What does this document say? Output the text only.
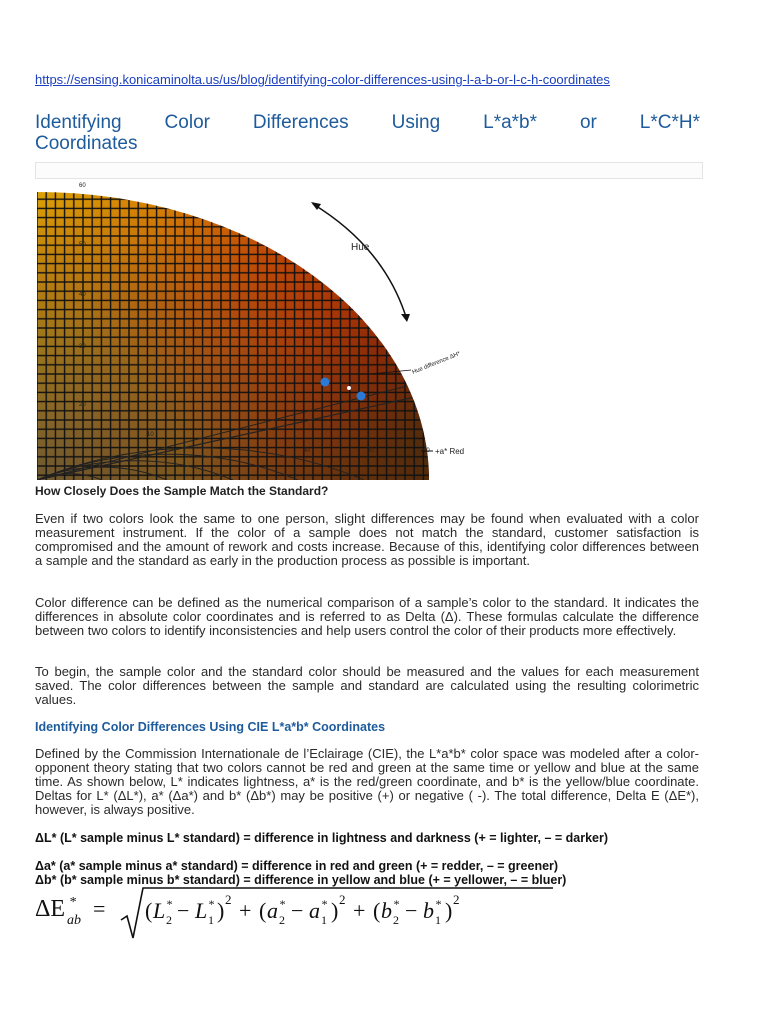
https://sensing.konicaminolta.us/us/blog/identifying-color-differences-using-l-a-b-or-l-c-h-coordinates
Identifying Color Differences Using L*a*b* or L*C*H*
Coordinates
Hue
Hue difference ΔH*
+a* Red
60
60
50
40
30
20
10
50
40
How Closely Does the Sample Match the Standard?

Even if two colors look the same to one person, slight differences may be found when evaluated with a color measurement instrument. If the color of a sample does not match the standard, customer satisfaction is compromised and the amount of rework and costs increase. Because of this, identifying color differences between a sample and the standard as early in the production process as possible is important.

Color difference can be defined as the numerical comparison of a sample’s color to the standard. It indicates the differences in absolute color coordinates and is referred to as Delta (Δ). These formulas calculate the difference between two colors to identify inconsistencies and help users control the color of their products more effectively.

To begin, the sample color and the standard color should be measured and the values for each measurement saved. The color differences between the sample and standard are calculated using the resulting colorimetric values.

Identifying Color Differences Using CIE L*a*b* Coordinates

Defined by the Commission Internationale de l’Eclairage (CIE), the L*a*b* color space was modeled after a color-opponent theory stating that two colors cannot be red and green at the same time or yellow and blue at the same time. As shown below, L* indicates lightness, a* is the red/green coordinate, and b* is the yellow/blue coordinate. Deltas for L* (ΔL*), a* (Δa*) and b* (Δb*) may be positive (+) or negative ( -). The total difference, Delta E (ΔE*), however, is always positive.

ΔL* (L* sample minus L* standard) = difference in lightness and darkness (+ = lighter, – = darker)

Δa* (a* sample minus a* standard) = difference in red and green (+ = redder, – = greener)

Δb* (b* sample minus b* standard) = difference in yellow and blue (+ = yellower, – = bluer)

ΔE *
ab = ( L *
2 − L *
1 ) 2 + ( a *
2 − a *
1 ) 2 + ( b *
2 − b *
1 ) 2
